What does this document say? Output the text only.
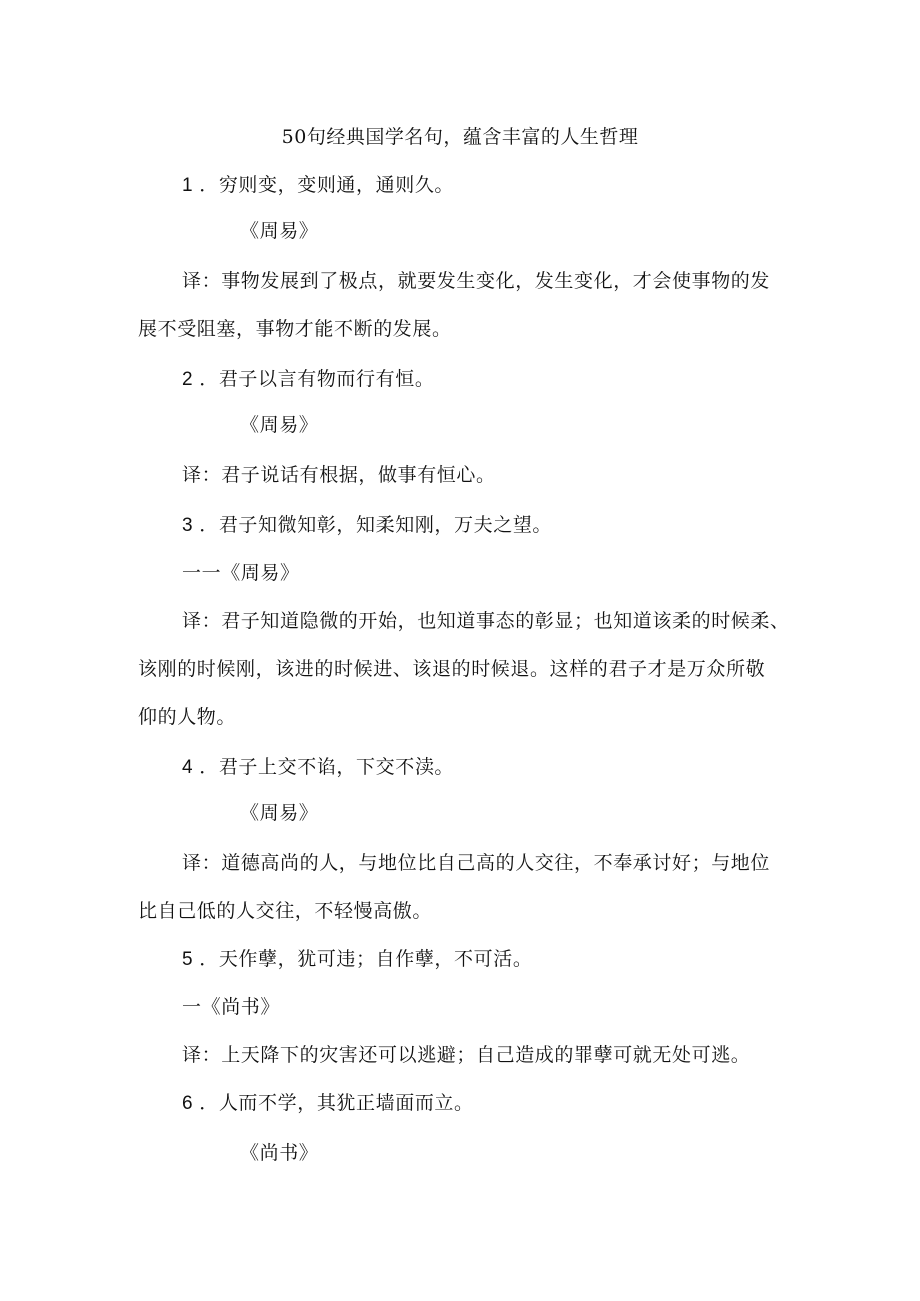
50句经典国学名句，蕴含丰富的人生哲理
1 ．穷则变，变则通，通则久。
《周易》
译：事物发展到了极点，就要发生变化，发生变化，才会使事物的发
展不受阻塞，事物才能不断的发展。
2 ．君子以言有物而行有恒。
《周易》
译：君子说话有根据，做事有恒心。
3 ．君子知微知彰，知柔知刚，万夫之望。
一一《周易》
译：君子知道隐微的开始，也知道事态的彰显；也知道该柔的时候柔、
该刚的时候刚，该进的时候进、该退的时候退。这样的君子才是万众所敬
仰的人物。
4 ．君子上交不谄，下交不渎。
《周易》
译：道德高尚的人，与地位比自己高的人交往，不奉承讨好；与地位
比自己低的人交往，不轻慢高傲。
5 ．天作孽，犹可违；自作孽，不可活。
一《尚书》
译：上天降下的灾害还可以逃避；自己造成的罪孽可就无处可逃。
6 ．人而不学，其犹正墙面而立。
《尚书》
